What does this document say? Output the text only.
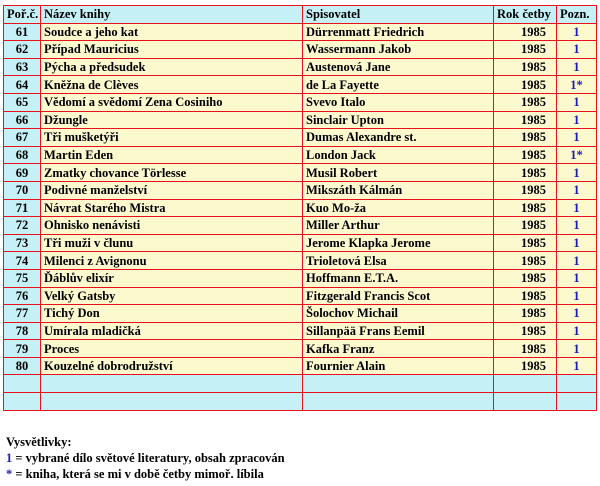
Poř.č.	Název knihy	Spisovatel	Rok četby	Pozn.
61	Soudce a jeho kat	Dürrenmatt Friedrich	1985	1
62	Případ Mauricius	Wassermann Jakob	1985	1
63	Pýcha a předsudek	Austenová Jane	1985	1
64	Kněžna de Clèves	de La Fayette	1985	1*
65	Vědomí a svědomí Zena Cosiniho	Svevo Italo	1985	1
66	Džungle	Sinclair Upton	1985	1
67	Tři mušketýři	Dumas Alexandre st.	1985	1
68	Martin Eden	London Jack	1985	1*
69	Zmatky chovance Törlesse	Musil Robert	1985	1
70	Podivné manželství	Mikszáth Kálmán	1985	1
71	Návrat Starého Mistra	Kuo Mo-ža	1985	1
72	Ohnisko nenávisti	Miller Arthur	1985	1
73	Tři muži v člunu	Jerome Klapka Jerome	1985	1
74	Milenci z Avignonu	Trioletová Elsa	1985	1
75	Ďáblův elixír	Hoffmann E.T.A.	1985	1
76	Velký Gatsby	Fitzgerald Francis Scot	1985	1
77	Tichý Don	Šolochov Michail	1985	1
78	Umírala mladičká	Sillanpää Frans Eemil	1985	1
79	Proces	Kafka Franz	1985	1
80	Kouzelné dobrodružství	Fournier Alain	1985	1

Vysvětlivky:
1 = vybrané dílo světové literatury, obsah zpracován
* = kniha, která se mi v době četby mimoř. líbila
